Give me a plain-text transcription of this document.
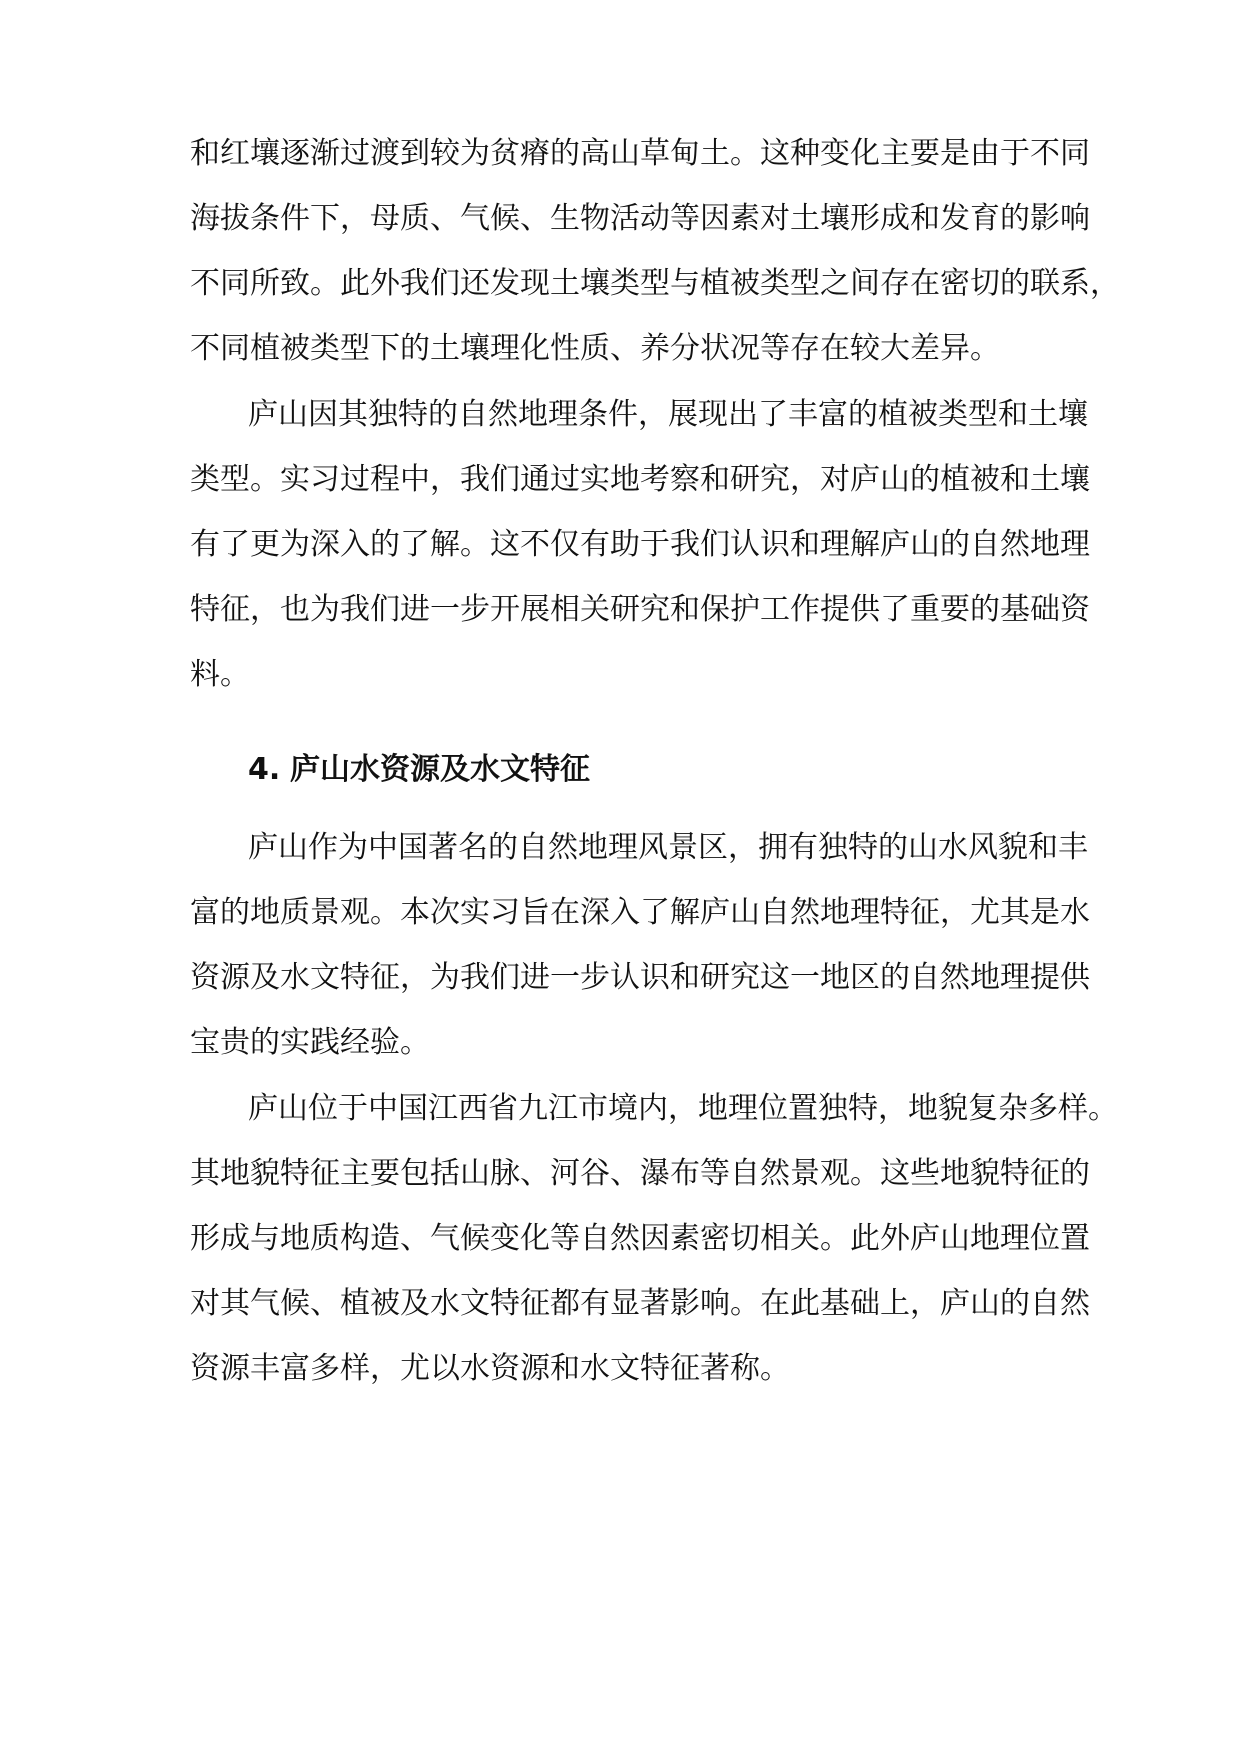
和红壤逐渐过渡到较为贫瘠的高山草甸土。这种变化主要是由于不同
海拔条件下，母质、气候、生物活动等因素对土壤形成和发育的影响
不同所致。此外我们还发现土壤类型与植被类型之间存在密切的联系，
不同植被类型下的土壤理化性质、养分状况等存在较大差异。
庐山因其独特的自然地理条件，展现出了丰富的植被类型和土壤
类型。实习过程中，我们通过实地考察和研究，对庐山的植被和土壤
有了更为深入的了解。这不仅有助于我们认识和理解庐山的自然地理
特征，也为我们进一步开展相关研究和保护工作提供了重要的基础资
料。
4. 庐山水资源及水文特征
庐山作为中国著名的自然地理风景区，拥有独特的山水风貌和丰
富的地质景观。本次实习旨在深入了解庐山自然地理特征，尤其是水
资源及水文特征，为我们进一步认识和研究这一地区的自然地理提供
宝贵的实践经验。
庐山位于中国江西省九江市境内，地理位置独特，地貌复杂多样。
其地貌特征主要包括山脉、河谷、瀑布等自然景观。这些地貌特征的
形成与地质构造、气候变化等自然因素密切相关。此外庐山地理位置
对其气候、植被及水文特征都有显著影响。在此基础上，庐山的自然
资源丰富多样，尤以水资源和水文特征著称。
